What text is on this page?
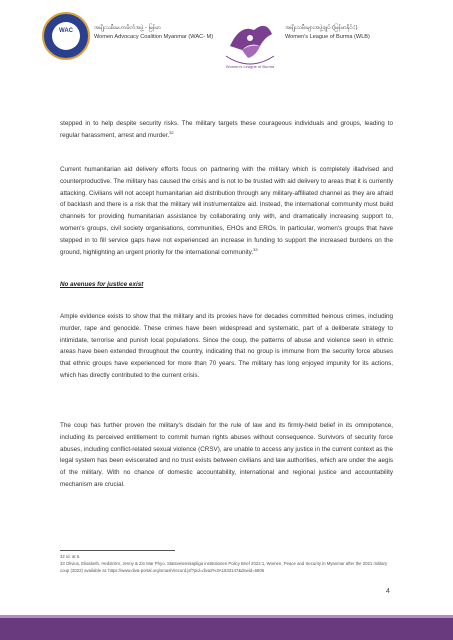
WAC	အမျိုးသမီးမဟာမိတ်အဖွဲ့ - မြန်မာ
Women Advocacy Coalition Myanmar (WAC- M)
Women's League of Burma
အမျိုးသမီးများအဖွဲ့ချုပ် (မြန်မာနိုင်ငံ)
Women's League of Burma (WLB)

stepped in to help despite security risks. The military targets these courageous individuals and groups, leading to regular harassment, arrest and murder.$^{32}$

Current humanitarian aid delivery efforts focus on partnering with the military which is completely illadvised and counterproductive. The military has caused the crisis and is not to be trusted with aid delivery to areas that it is currently attacking. Civilians will not accept humanitarian aid distribution through any military-affiliated channel as they are afraid of backlash and there is a risk that the military will instrumentalize aid. Instead, the international community must build channels for providing humanitarian assistance by collaborating only with, and dramatically increasing support to, women's groups, civil society organisations, communities, EHOs and EROs. In particular, women's groups that have stepped in to fill service gaps have not experienced an increase in funding to support the increased burdens on the ground, highlighting an urgent priority for the international community.$^{33}$

No avenues for justice exist

Ample evidence exists to show that the military and its proxies have for decades committed heinous crimes, including murder, rape and genocide. These crimes have been widespread and systematic, part of a deliberate strategy to intimidate, terrorise and punish local populations. Since the coup, the patterns of abuse and violence seen in ethnic areas have been extended throughout the country, indicating that no group is immune from the security force abuses that ethnic groups have experienced for more than 70 years. The military has long enjoyed impunity for its actions, which has directly contributed to the current crisis.

The coup has further proven the military's disdain for the rule of law and its firmly-held belief in its omnipotence, including its perceived entitlement to commit human rights abuses without consequence. Survivors of security force abuses, including conflict-related sexual violence (CRSV), are unable to access any justice in the current context as the legal system has been eviscerated and no trust exists between civilians and law authorities, which are under the aegis of the military. With no chance of domestic accountability, international and regional justice and accountability mechanism are crucial.

32 Id. at 6.

33 Olivius, Elisabeth, Hedström, Jenny & Zin Mar Phyo, Statsvetenskapliga institutionen Policy Brief 2022:1, Women, Peace and Security in Myanmar after the 2021 military coup (2022) available at: https://www.diva-portal.org/smash/record.jsf?pid=diva2%3A1633147&dswid=6806

4
